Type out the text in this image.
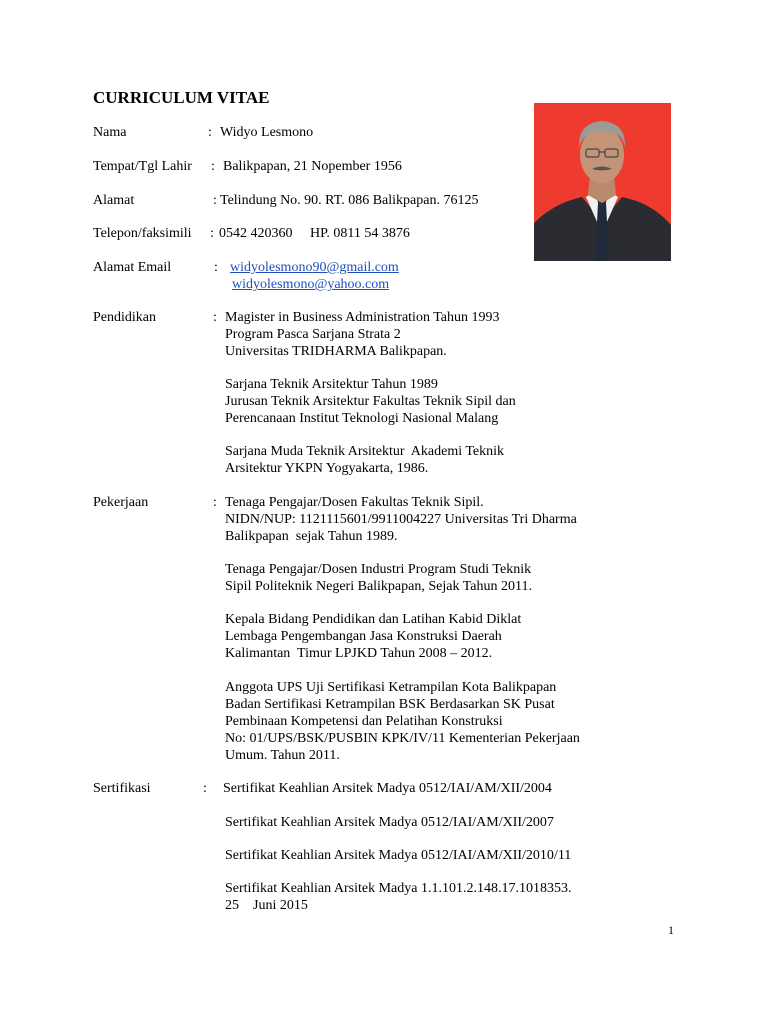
CURRICULUM VITAE
Nama	: Widyo Lesmono
Tempat/Tgl Lahir : Balikpapan, 21 Nopember 1956
Alamat	: Telindung No. 90. RT. 086 Balikpapan. 76125
Telepon/faksimili : 0542 420360     HP. 0811 54 3876
Alamat Email	: widyolesmono90@gmail.com
widyolesmono@yahoo.com
Pendidikan	: Magister in Business Administration Tahun 1993
Program Pasca Sarjana Strata 2
Universitas TRIDHARMA Balikpapan.
Sarjana Teknik Arsitektur Tahun 1989
Jurusan Teknik Arsitektur Fakultas Teknik Sipil dan
Perencanaan Institut Teknologi Nasional Malang
Sarjana Muda Teknik Arsitektur  Akademi Teknik
Arsitektur YKPN Yogyakarta, 1986.
Pekerjaan	: Tenaga Pengajar/Dosen Fakultas Teknik Sipil.
NIDN/NUP: 1121115601/9911004227 Universitas Tri Dharma
Balikpapan  sejak Tahun 1989.
Tenaga Pengajar/Dosen Industri Program Studi Teknik
Sipil Politeknik Negeri Balikpapan, Sejak Tahun 2011.
Kepala Bidang Pendidikan dan Latihan Kabid Diklat
Lembaga Pengembangan Jasa Konstruksi Daerah
Kalimantan  Timur LPJKD Tahun 2008 – 2012.
Anggota UPS Uji Sertifikasi Ketrampilan Kota Balikpapan
Badan Sertifikasi Ketrampilan BSK Berdasarkan SK Pusat
Pembinaan Kompetensi dan Pelatihan Konstruksi
No: 01/UPS/BSK/PUSBIN KPK/IV/11 Kementerian Pekerjaan
Umum. Tahun 2011.
Sertifikasi	: Sertifikat Keahlian Arsitek Madya 0512/IAI/AM/XII/2004
Sertifikat Keahlian Arsitek Madya 0512/IAI/AM/XII/2007
Sertifikat Keahlian Arsitek Madya 0512/IAI/AM/XII/2010/11
Sertifikat Keahlian Arsitek Madya 1.1.101.2.148.17.1018353.
25    Juni 2015
1
